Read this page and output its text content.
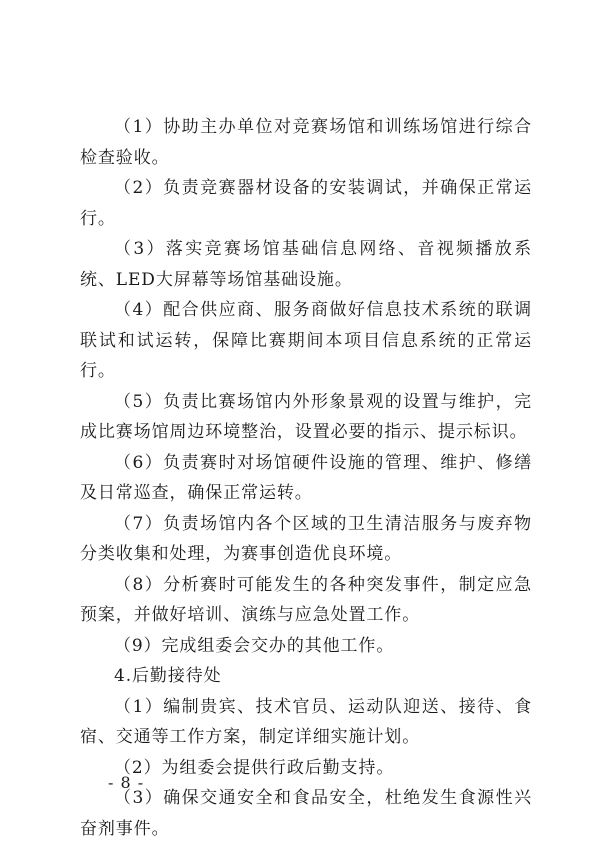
（1）协助主办单位对竞赛场馆和训练场馆进行综合检查验收。

（2）负责竞赛器材设备的安装调试，并确保正常运行。

（3）落实竞赛场馆基础信息网络、音视频播放系统、LED大屏幕等场馆基础设施。

（4）配合供应商、服务商做好信息技术系统的联调联试和试运转，保障比赛期间本项目信息系统的正常运行。

（5）负责比赛场馆内外形象景观的设置与维护，完成比赛场馆周边环境整治，设置必要的指示、提示标识。

（6）负责赛时对场馆硬件设施的管理、维护、修缮及日常巡查，确保正常运转。

（7）负责场馆内各个区域的卫生清洁服务与废弃物分类收集和处理，为赛事创造优良环境。

（8）分析赛时可能发生的各种突发事件，制定应急预案，并做好培训、演练与应急处置工作。

（9）完成组委会交办的其他工作。

4.后勤接待处

（1）编制贵宾、技术官员、运动队迎送、接待、食宿、交通等工作方案，制定详细实施计划。

（2）为组委会提供行政后勤支持。

（3）确保交通安全和食品安全，杜绝发生食源性兴奋剂事件。

- 8 -
